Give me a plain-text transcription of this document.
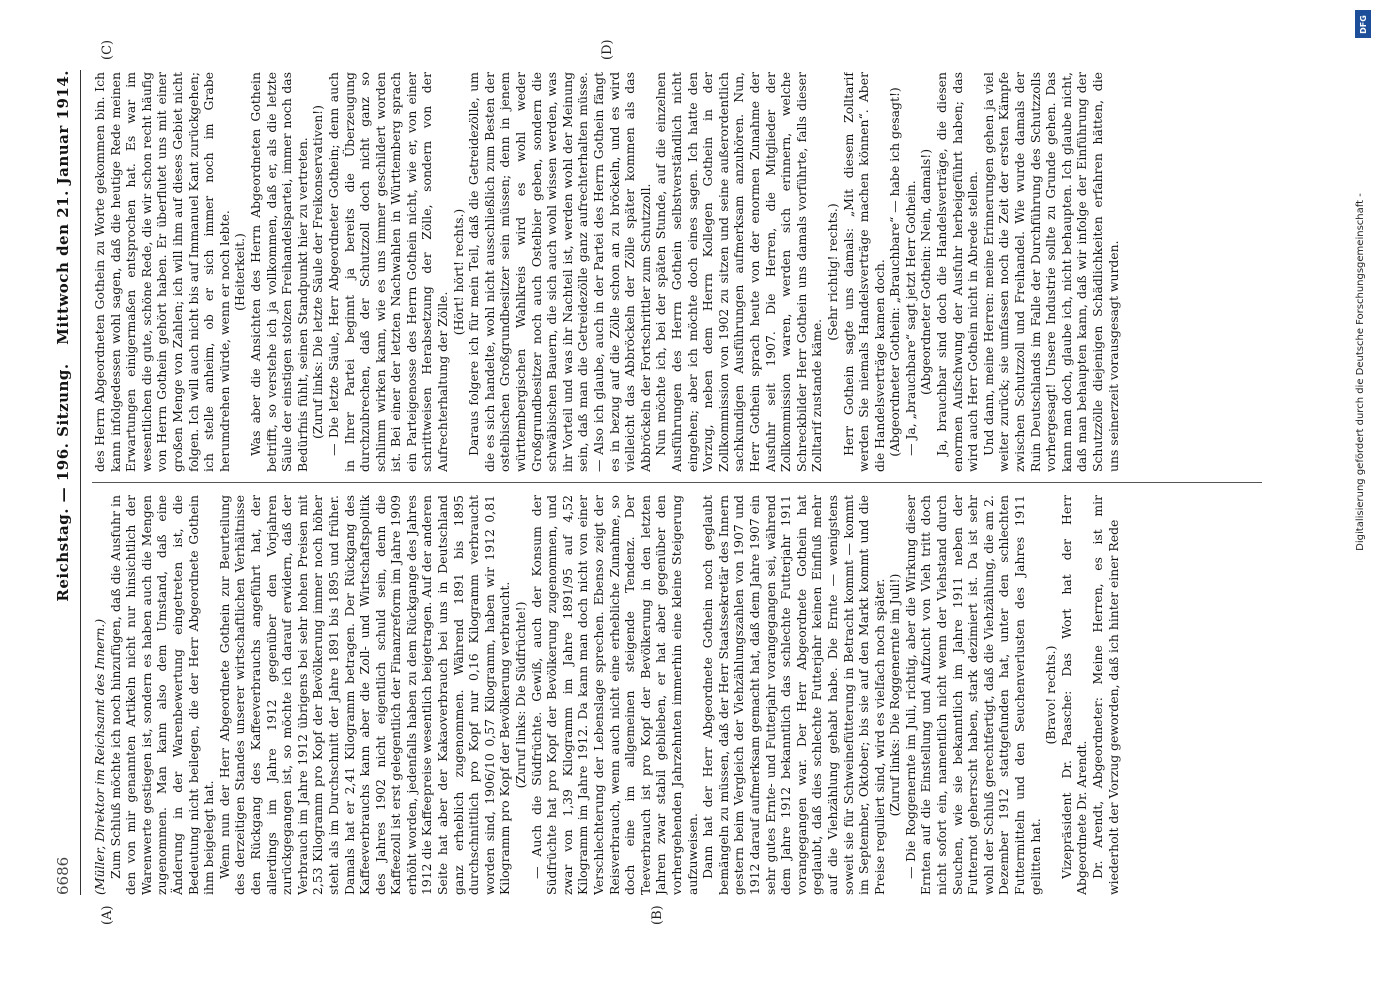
6686
Reichstag. — 196. Sitzung.
Mittwoch den 21. Januar 1914.
(A)	(B)
(C)	(D)

(Müller, Direktor im Reichsamt des Innern.) Zum Schluß möchte ich noch hinzufügen, daß die Ausfuhr in den von mir genannten Artikeln nicht nur hinsichtlich der Warenwerte gestiegen ist, sondern es haben auch die Mengen zugenommen. Man kann also dem Umstand, daß eine Änderung in der Warenbewertung eingetreten ist, die Bedeutung nicht beilegen, die der Herr Abgeordnete Gothein ihm beigelegt hat. Wenn nun der Herr Abgeordnete Gothein zur Beurteilung des derzeitigen Standes unserer wirtschaftlichen Verhältnisse den Rückgang des Kaffeeverbrauchs angeführt hat, der allerdings im Jahre 1912 gegenüber den Vorjahren zurückgegangen ist, so möchte ich darauf erwidern, daß der Verbrauch im Jahre 1912 übrigens bei sehr hohen Preisen mit 2,53 Kilogramm pro Kopf der Bevölkerung immer noch höher steht als im Durchschnitt der Jahre 1891 bis 1895 und früher. Damals hat er 2,41 Kilogramm betragen. Der Rückgang des Kaffeeverbrauchs kann aber die Zoll- und Wirtschaftspolitik des Jahres 1902 nicht eigentlich schuld sein, denn die Kaffeezoll ist erst gelegentlich der Finanzreform im Jahre 1909 erhöht worden, jedenfalls haben zu dem Rückgange des Jahres 1912 die Kaffeepreise wesentlich beigetragen. Auf der anderen Seite hat aber der Kakaoverbrauch bei uns in Deutschland ganz erheblich zugenommen. Während 1891 bis 1895 durchschnittlich pro Kopf nur 0,16 Kilogramm verbraucht worden sind, 1906/10 0,57 Kilogramm, haben wir 1912 0,81 Kilogramm pro Kopf der Bevölkerung verbraucht. (Zuruf links: Die Südfrüchte!) — Auch die Südfrüchte. Gewiß, auch der Konsum der Südfrüchte hat pro Kopf der Bevölkerung zugenommen, und zwar von 1,39 Kilogramm im Jahre 1891/95 auf 4,52 Kilogramm im Jahre 1912. Da kann man doch nicht von einer Verschlechterung der Lebenslage sprechen. Ebenso zeigt der Reisverbrauch, wenn auch nicht eine erhebliche Zunahme, so doch eine im allgemeinen steigende Tendenz. Der Teeverbrauch ist pro Kopf der Bevölkerung in den letzten Jahren zwar stabil geblieben, er hat aber gegenüber den vorhergehenden Jahrzehnten immerhin eine kleine Steigerung aufzuweisen. Dann hat der Herr Abgeordnete Gothein noch geglaubt bemängeln zu müssen, daß der Herr Staatssekretär des Innern gestern beim Vergleich der Viehzählungszahlen von 1907 und 1912 darauf aufmerksam gemacht hat, daß dem Jahre 1907 ein sehr gutes Ernte- und Futterjahr vorangegangen sei, während dem Jahre 1912 bekanntlich das schlechte Futterjahr 1911 vorangegangen war. Der Herr Abgeordnete Gothein hat geglaubt, daß dies schlechte Futterjahr keinen Einfluß mehr auf die Viehzählung gehabt habe. Die Ernte — wenigstens soweit sie für Schweinefütterung in Betracht kommt — kommt im September, Oktober; bis sie auf den Markt kommt und die Preise reguliert sind, wird es vielfach noch später. (Zuruf links: Die Roggenernte im Juli!) — Die Roggenernte im Juli, richtig, aber die Wirkung dieser Ernten auf die Einstellung und Aufzucht von Vieh tritt doch nicht sofort ein, namentlich nicht wenn der Viehstand durch Seuchen, wie sie bekanntlich im Jahre 1911 neben der Futternot geherrscht haben, stark dezimiert ist. Da ist sehr wohl der Schluß gerechtfertigt, daß die Viehzählung, die am 2. Dezember 1912 stattgefunden hat, unter den schlechten Futtermitteln und den Seuchenverlusten des Jahres 1911 gelitten hat.

(Bravo! rechts.) Vizepräsident Dr. Paasche: Das Wort hat der Herr Abgeordnete Dr. Arendt. Dr. Arendt, Abgeordneter: Meine Herren, es ist mir wiederholt der Vorzug geworden, daß ich hinter einer Rede

des Herrn Abgeordneten Gothein zu Worte gekommen bin. Ich kann infolgedessen wohl sagen, daß die heutige Rede meinen Erwartungen einigermaßen entsprochen hat. Es war im wesentlichen die gute, schöne Rede, die wir schon recht häufig von Herrn Gothein gehört haben. Er überflutet uns mit einer großen Menge von Zahlen; ich will ihm auf dieses Gebiet nicht folgen. Ich will auch nicht bis auf Immanuel Kant zurückgehen; ich stelle anheim, ob er sich immer noch im Grabe herumdrehen würde, wenn er noch lebte. (Heiterkeit.) Was aber die Ansichten des Herrn Abgeordneten Gothein betrifft, so verstehe ich ja vollkommen, daß er, als die letzte Säule der einstigen stolzen Freihandelspartei, immer noch das Bedürfnis fühlt, seinen Standpunkt hier zu vertreten. (Zuruf links: Die letzte Säule der Freikonservativen!) — Die letzte Säule, Herr Abgeordneter Gothein; denn auch in Ihrer Partei beginnt ja bereits die Überzeugung durchzubrechen, daß der Schutzzoll doch nicht ganz so schlimm wirken kann, wie es uns immer geschildert worden ist. Bei einer der letzten Nachwahlen in Württemberg sprach ein Parteigenosse des Herrn Gothein nicht, wie er, von einer schrittweisen Herabsetzung der Zölle, sondern von der Aufrechterhaltung der Zölle.

(Hört! hört! rechts.) Daraus folgere ich für mein Teil, daß die Getreidezölle, um die es sich handelte, wohl nicht ausschließlich zum Besten der ostelbischen Großgrundbesitzer sein müssen; denn in jenem württembergischen Wahlkreis wird es wohl weder Großgrundbesitzer noch auch Ostelbier geben, sondern die schwäbischen Bauern, die sich auch wohl wissen werden, was ihr Vorteil und was ihr Nachteil ist, werden wohl der Meinung sein, daß man die Getreidezölle ganz aufrechterhalten müsse. — Also ich glaube, auch in der Partei des Herrn Gothein fängt es in bezug auf die Zölle schon an zu bröckeln, und es wird vielleicht das Abbröckeln der Zölle später kommen als das Abbröckeln der Fortschrittler zum Schutzzoll. Nun möchte ich, bei der späten Stunde, auf die einzelnen Ausführungen des Herrn Gothein selbstverständlich nicht eingehen; aber ich möchte doch eines sagen. Ich hatte den Vorzug, neben dem Herrn Kollegen Gothein in der Zollkommission von 1902 zu sitzen und seine außerordentlich sachkundigen Ausführungen aufmerksam anzuhören. Nun, Herr Gothein sprach heute von der enormen Zunahme der Ausfuhr seit 1907. Die Herren, die Mitglieder der Zollkommission waren, werden sich erinnern, welche Schreckbilder Herr Gothein uns damals vorführte, falls dieser Zolltarif zustande käme.

(Sehr richtig! rechts.) Herr Gothein sagte uns damals: „Mit diesem Zolltarif werden Sie niemals Handelsverträge machen können“. Aber die Handelsverträge kamen doch. (Abgeordneter Gothein: „Brauchbare“ — habe ich gesagt!) — Ja, „brauchbare“ sagt jetzt Herr Gothein. (Abgeordneter Gothein: Nein, damals!) Ja, brauchbar sind doch die Handelsverträge, die diesen enormen Aufschwung der Ausfuhr herbeigeführt haben; das wird auch Herr Gothein nicht in Abrede stellen. Und dann, meine Herren: meine Erinnerungen gehen ja viel weiter zurück; sie umfassen noch die Zeit der ersten Kämpfe zwischen Schutzzoll und Freihandel. Wie wurde damals der Ruin Deutschlands im Falle der Durchführung des Schutzzolls vorhergesagt! Unsere Industrie sollte zu Grunde gehen. Das kann man doch, glaube ich, nicht behaupten. Ich glaube nicht, daß man behaupten kann, daß wir infolge der Einführung der Schutzzölle diejenigen Schädlichkeiten erfahren hätten, die uns seinerzeit vorausgesagt wurden.

DFG
Digitalisierung gefördert durch die Deutsche Forschungsgemeinschaft -
